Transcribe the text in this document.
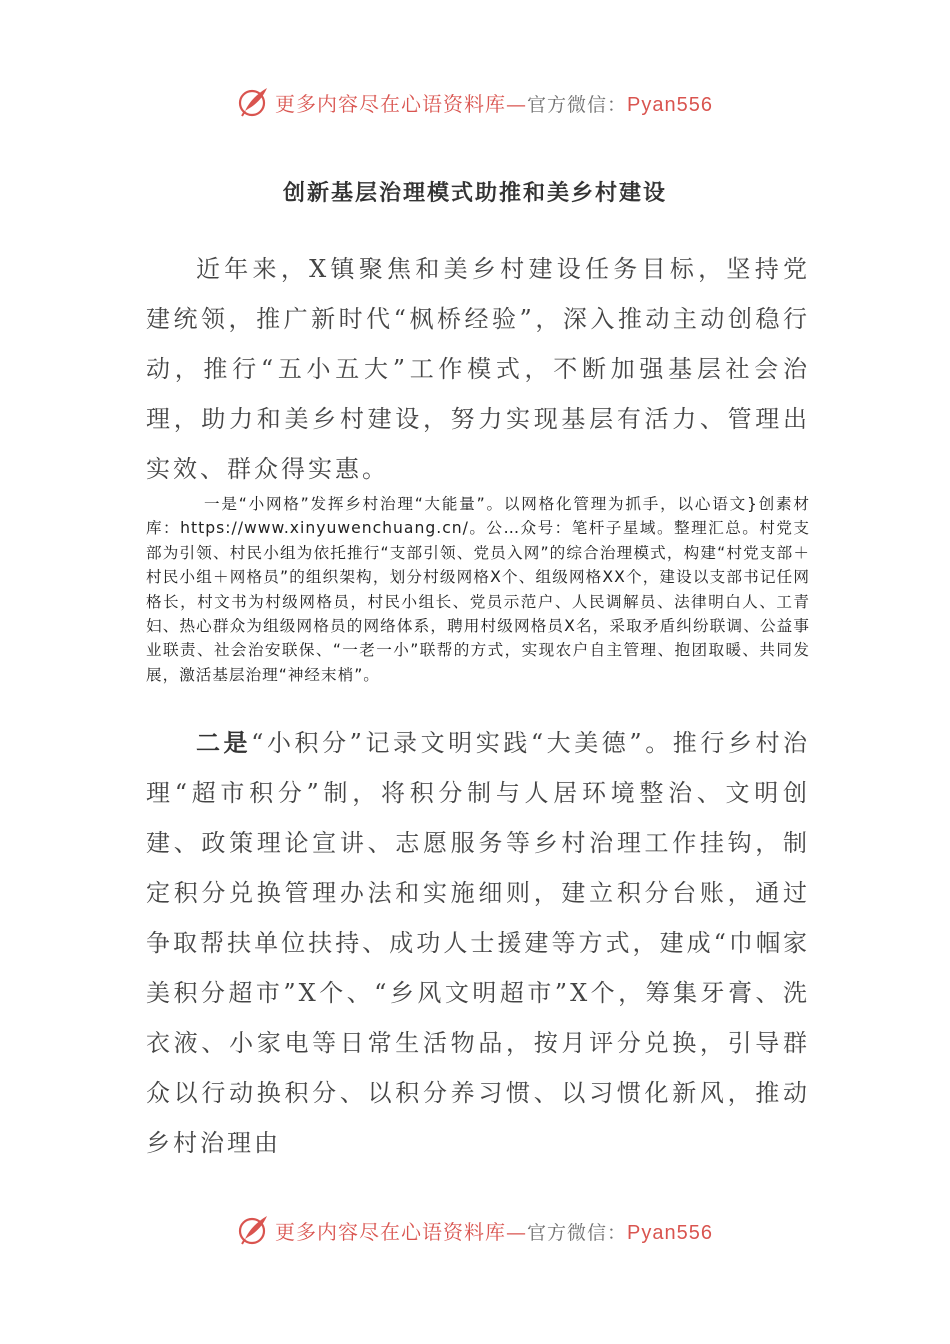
更多内容尽在心语资料库—官方微信：Pyan556
创新基层治理模式助推和美乡村建设

近年来，X镇聚焦和美乡村建设任务目标，坚持党建统领，推广新时代“枫桥经验”，深入推动主动创稳行动，推行“五小五大”工作模式，不断加强基层社会治理，助力和美乡村建设，努力实现基层有活力、管理出实效、群众得实惠。

一是“小网格”发挥乡村治理“大能量”。以网格化管理为抓手，以心语文}创素材库：https://www.xinyuwenchuang.cn/。公…众号：笔杆子星域。整理汇总。村党支部为引领、村民小组为依托推行“支部引领、党员入网”的综合治理模式，构建“村党支部＋村民小组＋网格员”的组织架构，划分村级网格X个、组级网格XX个，建设以支部书记任网格长，村文书为村级网格员，村民小组长、党员示范户、人民调解员、法律明白人、工青妇、热心群众为组级网格员的网络体系，聘用村级网格员X名，采取矛盾纠纷联调、公益事业联责、社会治安联保、“一老一小”联帮的方式，实现农户自主管理、抱团取暖、共同发展，激活基层治理“神经末梢”。

二是“小积分”记录文明实践“大美德”。推行乡村治理“超市积分”制，将积分制与人居环境整治、文明创建、政策理论宣讲、志愿服务等乡村治理工作挂钩，制定积分兑换管理办法和实施细则，建立积分台账，通过争取帮扶单位扶持、成功人士援建等方式，建成“巾帼家美积分超市”X个、“乡风文明超市”X个，筹集牙膏、洗衣液、小家电等日常生活物品，按月评分兑换，引导群众以行动换积分、以积分养习惯、以习惯化新风，推动乡村治理由

更多内容尽在心语资料库—官方微信：Pyan556
